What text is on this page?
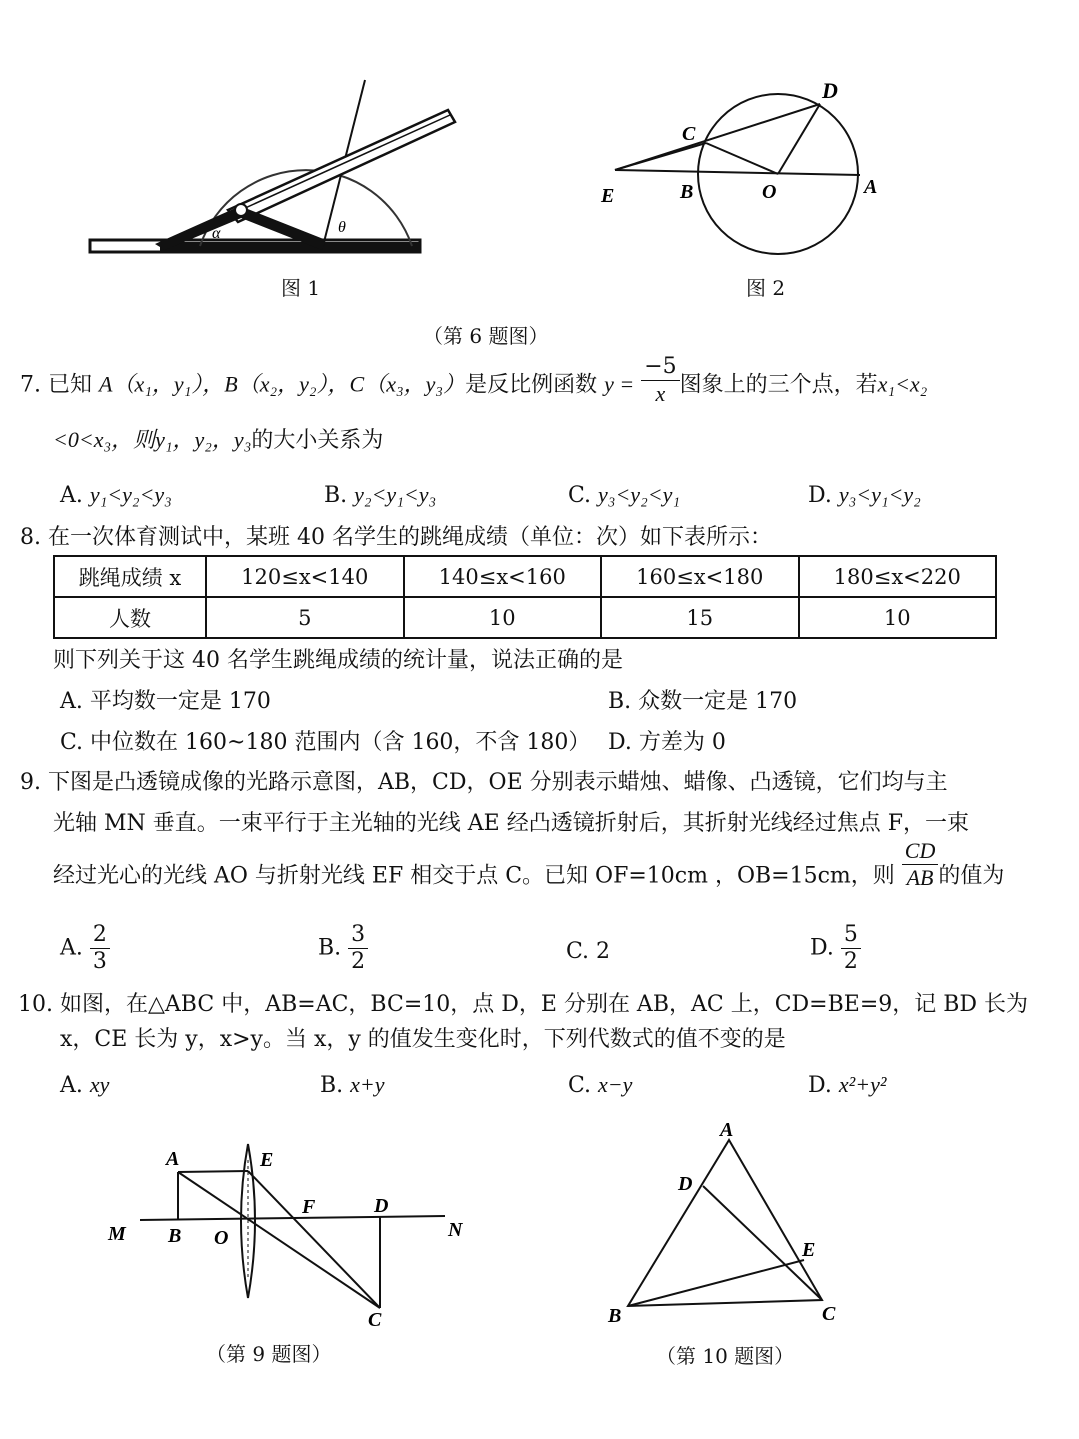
α	θ
图 1
D
C
E	B	O	A
图 2
（第 6 题图）
7. 已知 A（x₁，y₁），B（x₂，y₂），C（x₃，y₃）是反比例函数 $y = \frac{-5}{x}$ 图象上的三个点，若x₁<x₂
<0<x₃，则y₁，y₂，y₃的大小关系为
A. y₁<y₂<y₃	B. y₂<y₁<y₃	C. y₃<y₂<y₁	D. y₃<y₁<y₂
8. 在一次体育测试中，某班 40 名学生的跳绳成绩（单位：次）如下表所示：
跳绳成绩 x	120≤x<140	140≤x<160	160≤x<180	180≤x<220
人数	5	10	15	10
则下列关于这 40 名学生跳绳成绩的统计量，说法正确的是
A. 平均数一定是 170	B. 众数一定是 170
C. 中位数在 160~180 范围内（含 160，不含 180） D. 方差为 0
9. 下图是凸透镜成像的光路示意图，AB，CD，OE 分别表示蜡烛、蜡像、凸透镜，它们均与主
光轴 MN 垂直。一束平行于主光轴的光线 AE 经凸透镜折射后，其折射光线经过焦点 F，一束
经过光心的光线 AO 与折射光线 EF 相交于点 C。已知 OF=10cm ，OB=15cm，则 $\frac{CD}{AB}$ 的值为
A. $\frac{2}{3}$	B. $\frac{3}{2}$	C. 2	D. $\frac{5}{2}$
10. 如图，在△ABC 中，AB=AC，BC=10，点 D，E 分别在 AB，AC 上，CD=BE=9，记 BD 长为
x，CE 长为 y，x>y。当 x，y 的值发生变化时，下列代数式的值不变的是
A. xy	B. x+y	C. x−y	D. x²+y²
A	E
M B O
F	D
N
C
（第 9 题图）
A
D
E
B	C
（第 10 题图）
